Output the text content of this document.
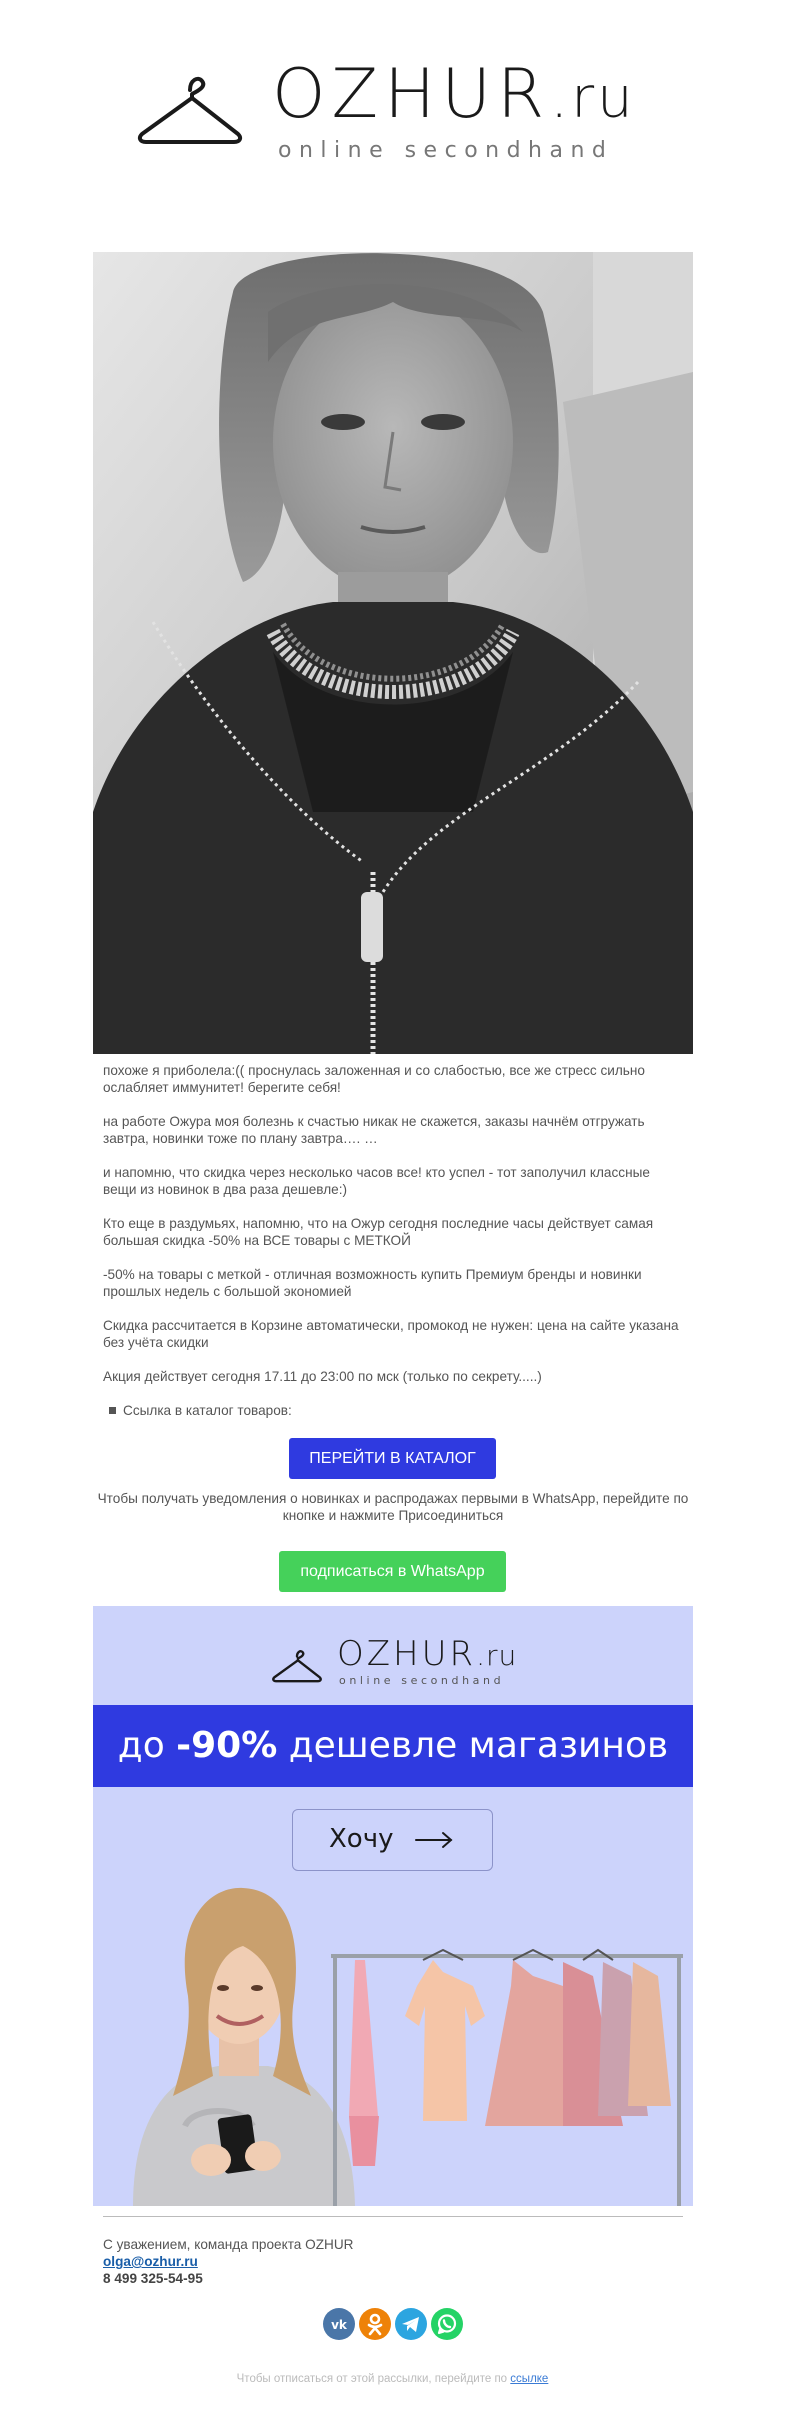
OZHUR.ru
online secondhand

похоже я приболела:(( проснулась заложенная и со слабостью, все же стресс сильно ослабляет иммунитет! берегите себя!

на работе Ожура моя болезнь к счастью никак не скажется, заказы начнём отгружать завтра, новинки тоже по плану завтра…. …

и напомню, что скидка через несколько часов все! кто успел - тот заполучил классные вещи из новинок в два раза дешевле:)

Кто еще в раздумьях, напомню, что на Ожур сегодня последние часы действует самая большая скидка -50% на ВСЕ товары с МЕТКОЙ

-50% на товары с меткой - отличная возможность купить Премиум бренды и новинки прошлых недель с большой экономией

Скидка рассчитается в Корзине автоматически, промокод не нужен: цена на сайте указана без учёта скидки

Акция действует сегодня 17.11 до 23:00 по мск (только по секрету.....)

Ссылка в каталог товаров:

ПЕРЕЙТИ В КАТАЛОГ

Чтобы получать уведомления о новинках и распродажах первыми в WhatsApp, перейдите по кнопке и нажмите Присоединиться

подписаться в WhatsApp
OZHUR.ru
online secondhand
до -90% дешевле магазинов
Хочу
С уважением, команда проекта OZHUR
olga@ozhur.ru
8 499 325-54-95
vk

Чтобы отписаться от этой рассылки, перейдите по ссылке
